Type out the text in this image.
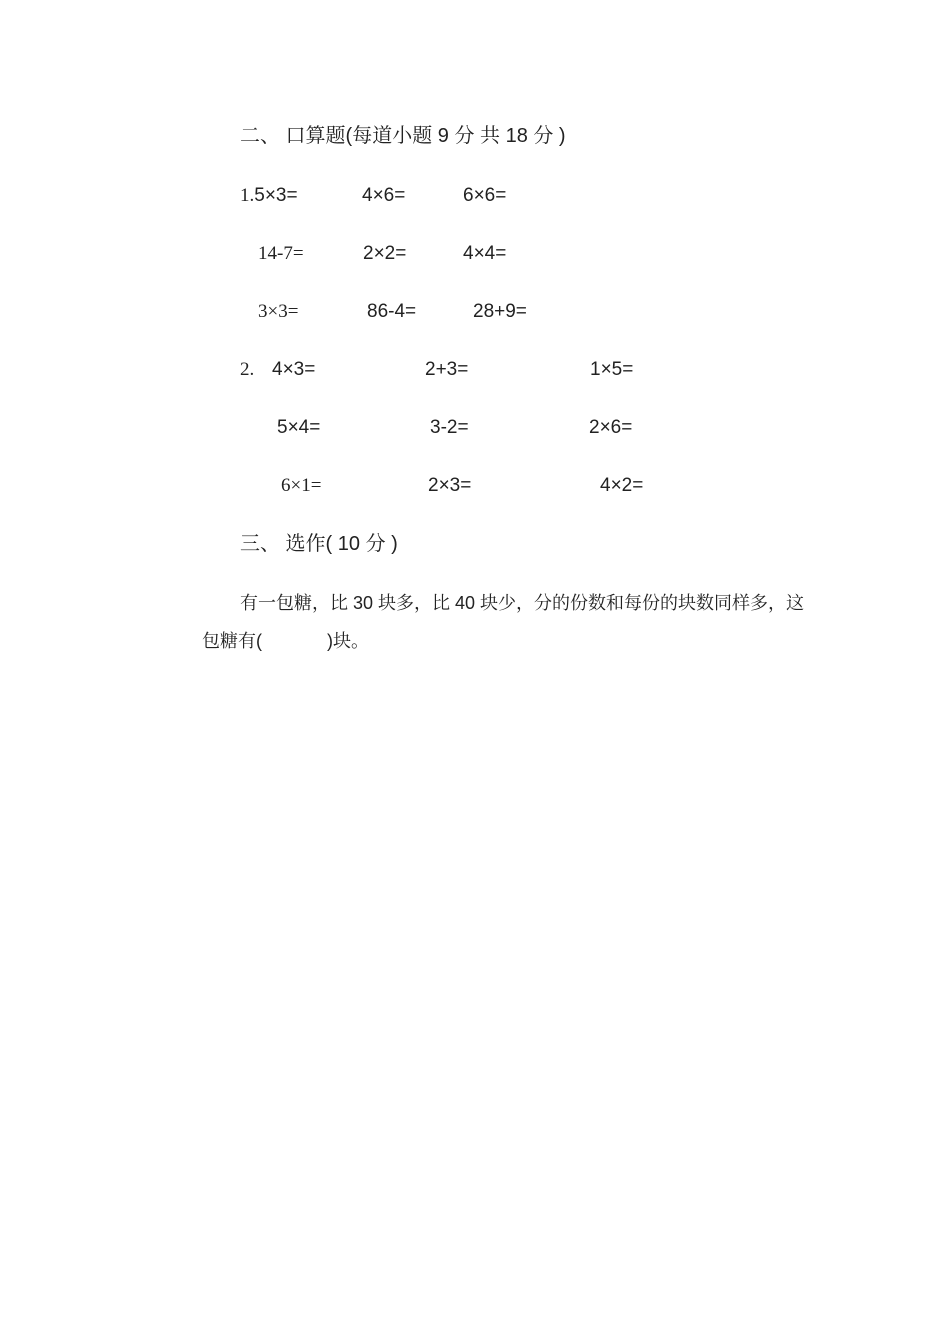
二、 口算题(每道小题 9 分 共 18 分 )
1.5×3=	4×6=	6×6=
14-7=	2×2=	4×4=
3×3=	86-4=	28+9=
2. 4×3=	2+3=	1×5=
5×4=	3-2=	2×6=
6×1=	2×3=	4×2=
三、 选作( 10 分 )
有一包糖，比 30 块多，比 40 块少，分的份数和每份的块数同样多，这
包糖有(	)块。
